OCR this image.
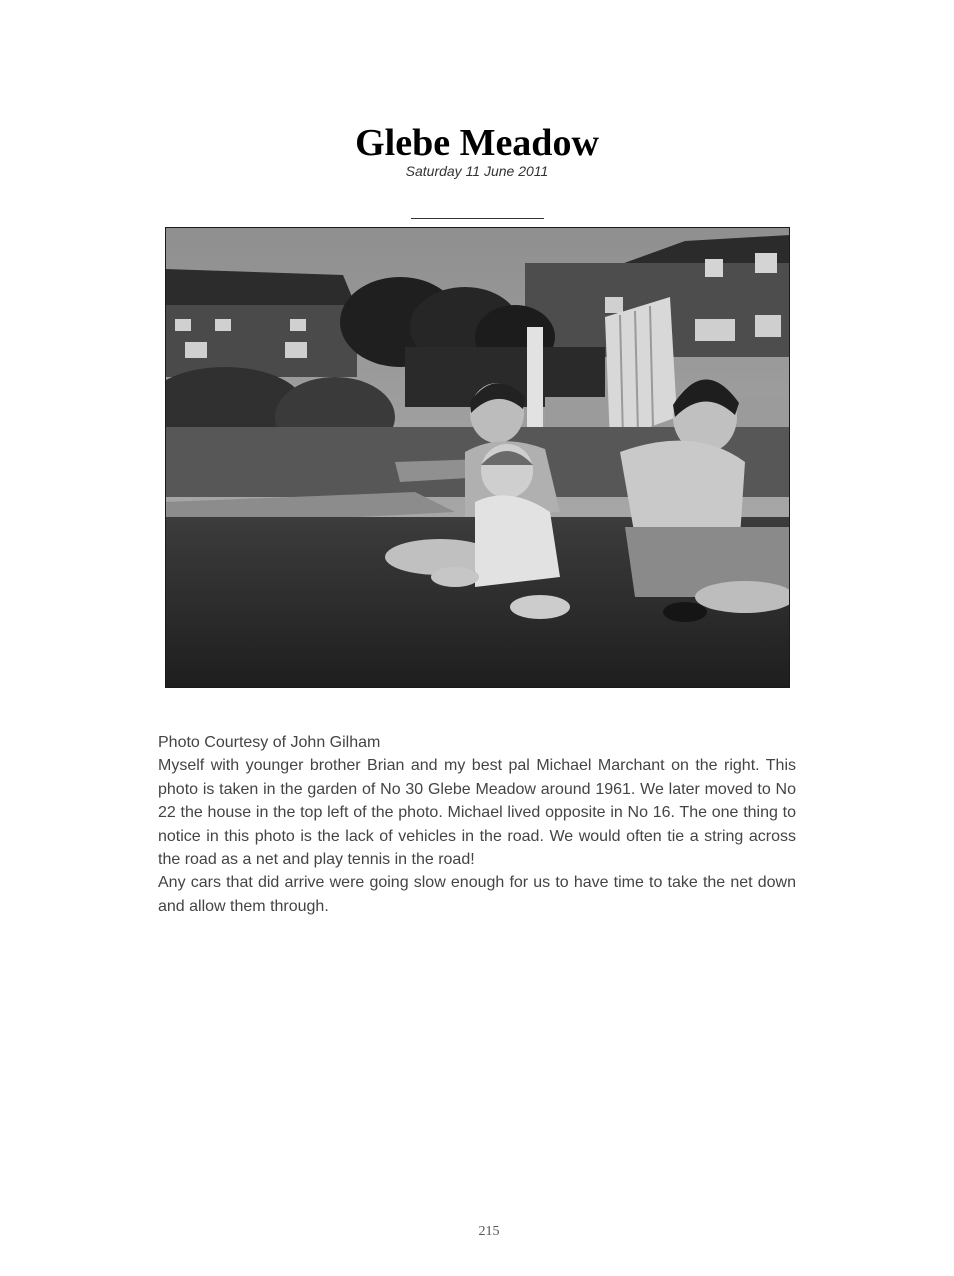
Glebe Meadow
Saturday 11 June 2011

Photo Courtesy of John Gilham

Myself with younger brother Brian and my best pal Michael Marchant on the right. This photo is taken in the garden of No 30 Glebe Meadow around 1961. We later moved to No 22 the house in the top left of the photo. Michael lived opposite in No 16. The one thing to notice in this photo is the lack of vehicles in the road. We would often tie a string across the road as a net and play tennis in the road!

Any cars that did arrive were going slow enough for us to have time to take the net down and allow them through.

215
